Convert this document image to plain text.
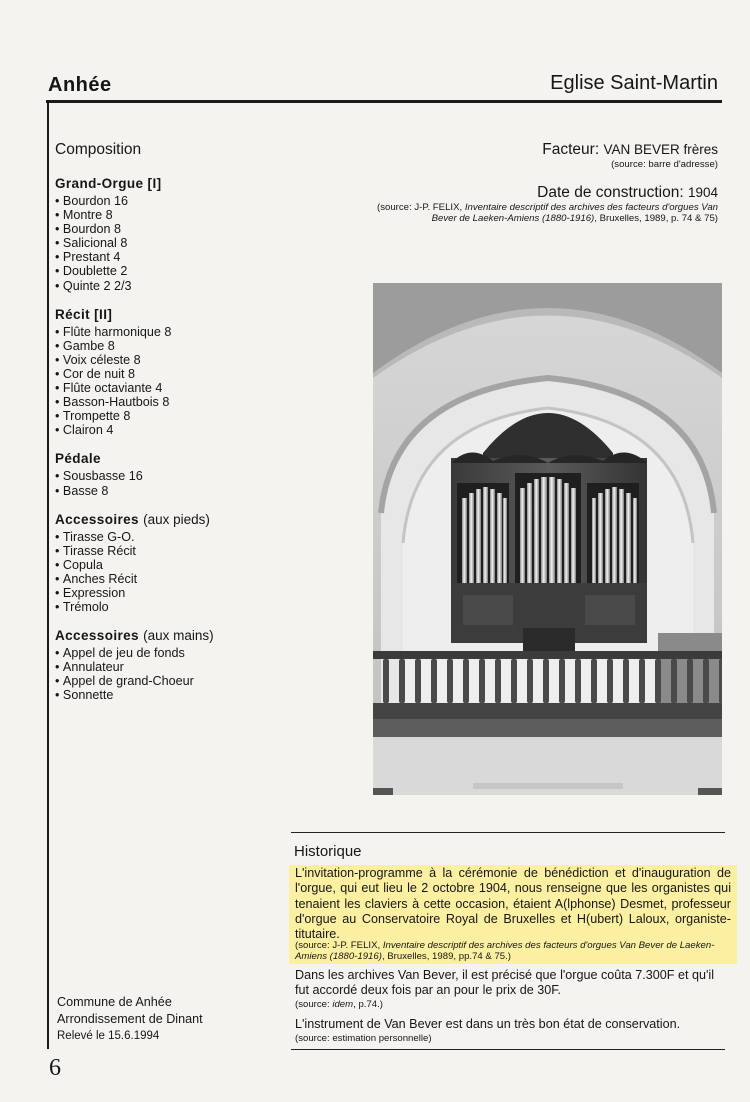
Anhée	Eglise Saint-Martin
Composition
Grand-Orgue [I]
• Bourdon 16
• Montre 8
• Bourdon 8
• Salicional 8
• Prestant 4
• Doublette 2
• Quinte 2 2/3
Récit [II]
• Flûte harmonique 8
• Gambe 8
• Voix céleste 8
• Cor de nuit 8
• Flûte octaviante 4
• Basson-Hautbois 8
• Trompette 8
• Clairon 4
Pédale
• Sousbasse 16
• Basse 8
Accessoires (aux pieds)
• Tirasse G-O.
• Tirasse Récit
• Copula
• Anches Récit
• Expression
• Trémolo
Accessoires (aux mains)
• Appel de jeu de fonds
• Annulateur
• Appel de grand-Choeur
• Sonnette
Facteur: VAN BEVER frères
(source: barre d'adresse)
Date de construction: 1904
(source: J-P. FELIX, Inventaire descriptif des archives des facteurs d'orgues Van Bever de Laeken-Amiens (1880-1916), Bruxelles, 1989, p. 74 & 75)
Historique
L'invitation-programme à la cérémonie de bénédiction et d'inauguration de l'orgue, qui eut lieu le 2 octobre 1904, nous renseigne que les organistes qui tenaient les claviers à cette occasion, étaient A(lphonse) Desmet, professeur d'orgue au Conservatoire Royal de Bruxelles et H(ubert) Laloux, organiste-titutaire.
(source: J-P. FELIX, Inventaire descriptif des archives des facteurs d'orgues Van Bever de Laeken-Amiens (1880-1916), Bruxelles, 1989, pp.74 & 75.)
Dans les archives Van Bever, il est précisé que l'orgue coûta 7.300F et qu'il fut accordé deux fois par an pour le prix de 30F.
(source: idem, p.74.)
L'instrument de Van Bever est dans un très bon état de conservation.
(source: estimation personnelle)
Commune de Anhée
Arrondissement de Dinant
Relevé le 15.6.1994
6
